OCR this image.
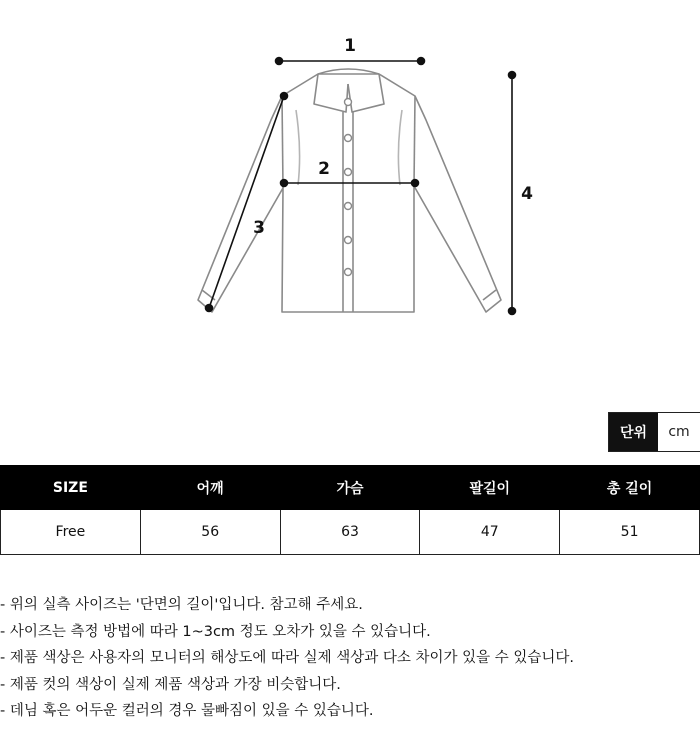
1
2
3
4
단위	cm
SIZE	어깨	가슴	팔길이	총 길이
Free	56	63	47	51
- 위의 실측 사이즈는 '단면의 길이'입니다. 참고해 주세요.
- 사이즈는 측정 방법에 따라 1~3cm 정도 오차가 있을 수 있습니다.
- 제품 색상은 사용자의 모니터의 해상도에 따라 실제 색상과 다소 차이가 있을 수 있습니다.
- 제품 컷의 색상이 실제 제품 색상과 가장 비슷합니다.
- 데님 혹은 어두운 컬러의 경우 물빠짐이 있을 수 있습니다.
